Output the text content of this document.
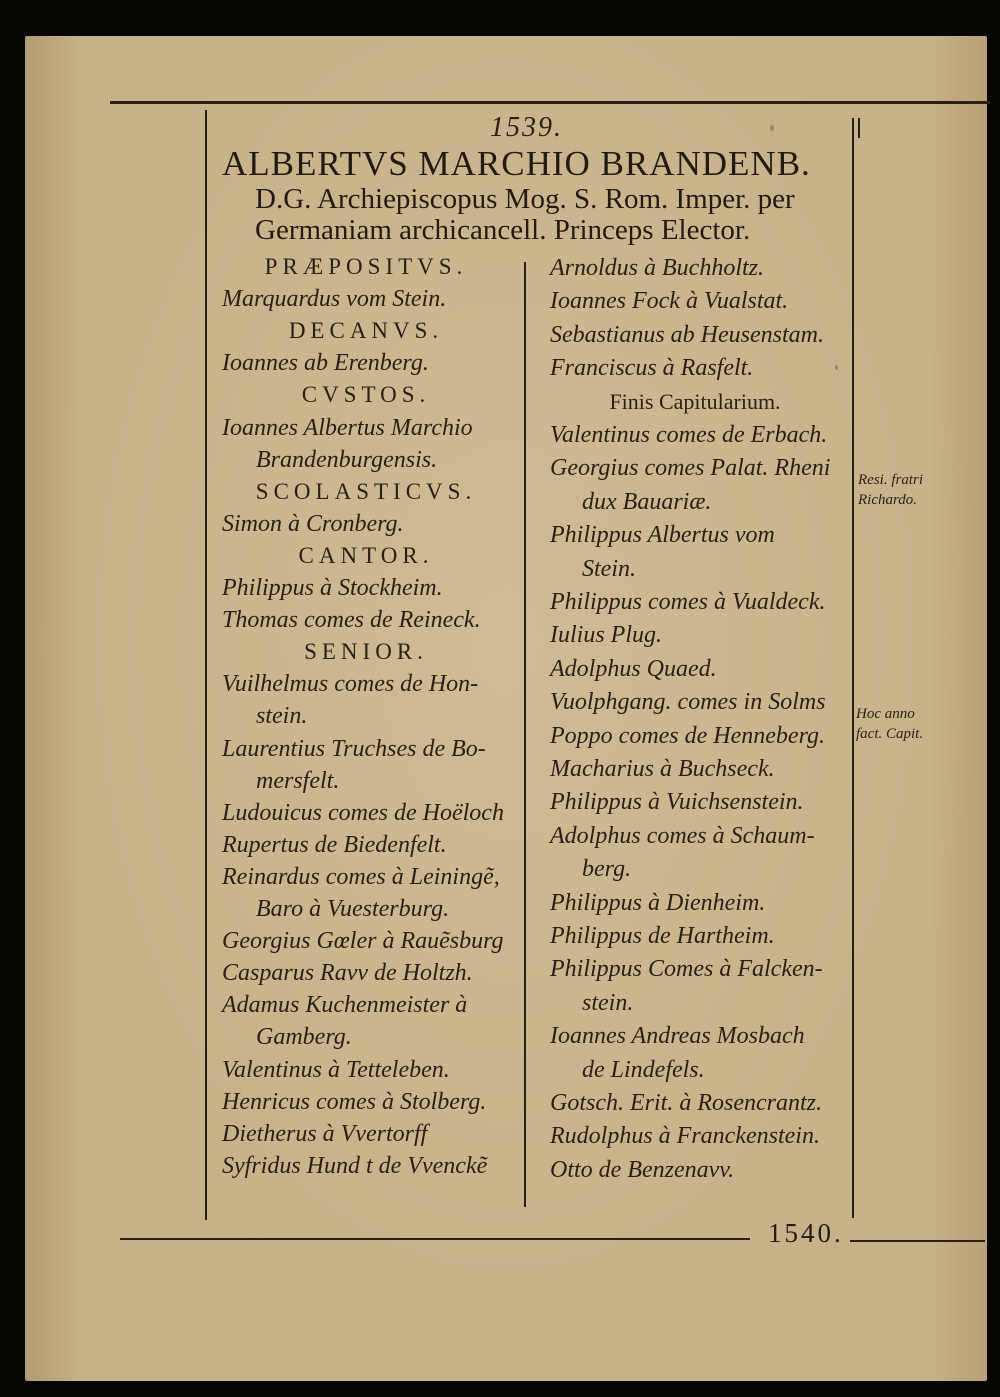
1539.
ALBERTVS MARCHIO BRANDENB.
D.G. Archiepiscopus Mog. S. Rom. Imper. per
Germaniam archicancell. Princeps Elector.
PRÆPOSITVS.
Marquardus vom Stein.
DECANVS.
Ioannes ab Erenberg.
CVSTOS.
Ioannes Albertus Marchio
Brandenburgensis.
SCOLASTICVS.
Simon à Cronberg.
CANTOR.
Philippus à Stockheim.
Thomas comes de Reineck.
SENIOR.
Vuilhelmus comes de Hon-
stein.
Laurentius Truchses de Bo-
mersfelt.
Ludouicus comes de Hoëloch
Rupertus de Biedenfelt.
Reinardus comes à Leiningẽ,
Baro à Vuesterburg.
Georgius Gœler à Rauẽsburg
Casparus Ravv de Holtzh.
Adamus Kuchenmeister à
Gamberg.
Valentinus à Tetteleben.
Henricus comes à Stolberg.
Dietherus à Vvertorff
Syfridus Hund t de Vvenckẽ
Arnoldus à Buchholtz.
Ioannes Fock à Vualstat.
Sebastianus ab Heusenstam.
Franciscus à Rasfelt.
Finis Capitularium.
Valentinus comes de Erbach.
Georgius comes Palat. Rheni
dux Bauariæ.
Philippus Albertus vom
Stein.
Philippus comes à Vualdeck.
Iulius Plug.
Adolphus Quaed.
Vuolphgang. comes in Solms
Poppo comes de Henneberg.
Macharius à Buchseck.
Philippus à Vuichsenstein.
Adolphus comes à Schaum-
berg.
Philippus à Dienheim.
Philippus de Hartheim.
Philippus Comes à Falcken-
stein.
Ioannes Andreas Mosbach
de Lindefels.
Gotsch. Erit. à Rosencrantz.
Rudolphus à Franckenstein.
Otto de Benzenavv.
Resi. fratri
Richardo.
Hoc anno
fact. Capit.
1540.
